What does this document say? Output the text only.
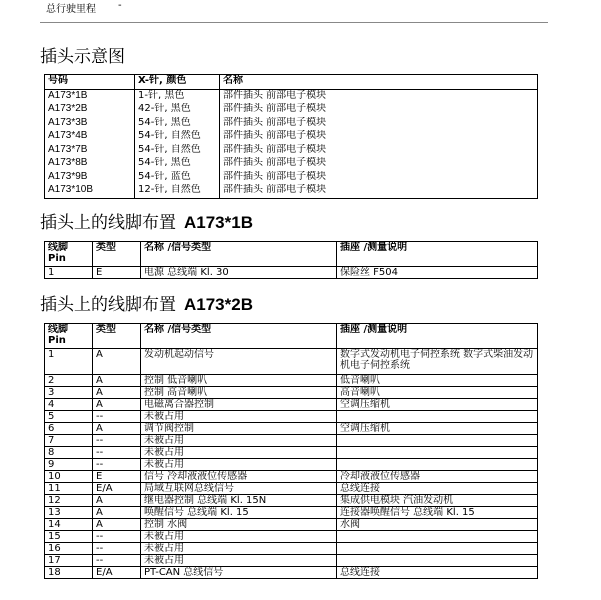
总行驶里程 -
插头示意图
号码	X-针, 颜色	名称
A173*1B	1-针, 黑色	部件插头 前部电子模块
A173*2B	42-针, 黑色	部件插头 前部电子模块
A173*3B	54-针, 黑色	部件插头 前部电子模块
A173*4B	54-针, 自然色	部件插头 前部电子模块
A173*7B	54-针, 自然色	部件插头 前部电子模块
A173*8B	54-针, 黑色	部件插头 前部电子模块
A173*9B	54-针, 蓝色	部件插头 前部电子模块
A173*10B	12-针, 自然色	部件插头 前部电子模块
插头上的线脚布置 A173*1B
线脚
Pin	类型	名称 /信号类型	插座 /测量说明
1	E	电源 总线端 Kl. 30	保险丝 F504
插头上的线脚布置 A173*2B
线脚
Pin	类型	名称 /信号类型	插座 /测量说明
1	A	发动机起动信号	数字式发动机电子伺控系统 数字式柴油发动机电子伺控系统
2	A	控制 低音喇叭	低音喇叭
3	A	控制 高音喇叭	高音喇叭
4	A	电磁离合器控制	空调压缩机
5	--	未被占用	
6	A	调节阀控制	空调压缩机
7	--	未被占用	
8	--	未被占用	
9	--	未被占用	
10	E	信号 冷却液液位传感器	冷却液液位传感器
11	E/A	局域互联网总线信号	总线连接
12	A	继电器控制 总线端 Kl. 15N	集成供电模块 汽油发动机
13	A	唤醒信号 总线端 Kl. 15	连接器唤醒信号 总线端 Kl. 15
14	A	控制 水阀	水阀
15	--	未被占用	
16	--	未被占用	
17	--	未被占用	
18	E/A	PT-CAN 总线信号	总线连接
